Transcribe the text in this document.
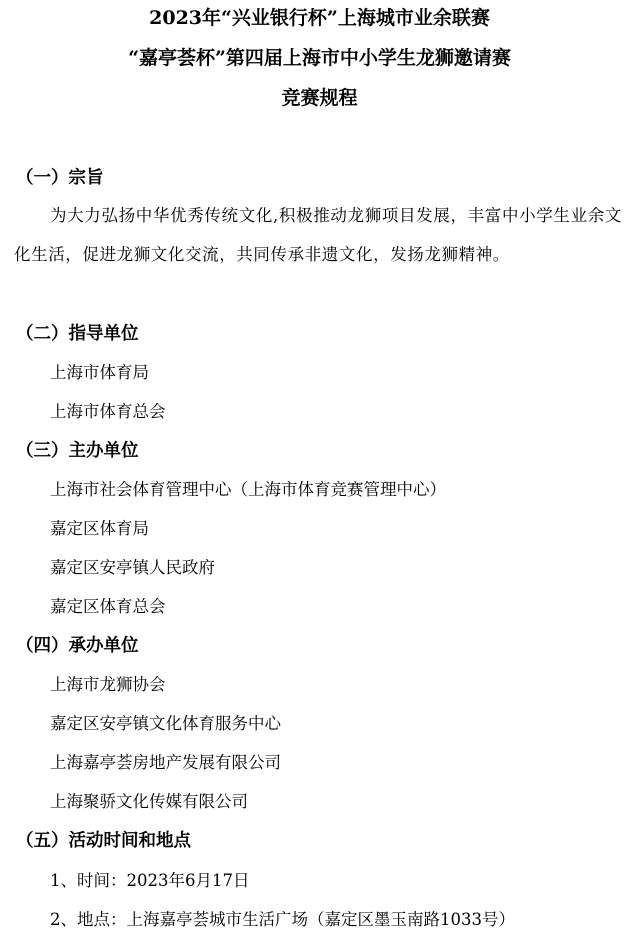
2023年“兴业银行杯”上海城市业余联赛
“嘉亭荟杯”第四届上海市中小学生龙狮邀请赛
竞赛规程
（一）宗旨
为大力弘扬中华优秀传统文化,积极推动龙狮项目发展，丰富中小学生业余文化生活，促进龙狮文化交流，共同传承非遗文化，发扬龙狮精神。
（二）指导单位
上海市体育局
上海市体育总会
（三）主办单位
上海市社会体育管理中心（上海市体育竞赛管理中心）
嘉定区体育局
嘉定区安亭镇人民政府
嘉定区体育总会
（四）承办单位
上海市龙狮协会
嘉定区安亭镇文化体育服务中心
上海嘉亭荟房地产发展有限公司
上海聚骄文化传媒有限公司
（五）活动时间和地点
1、时间：2023年6月17日
2、地点：上海嘉亭荟城市生活广场（嘉定区墨玉南路1033号）
